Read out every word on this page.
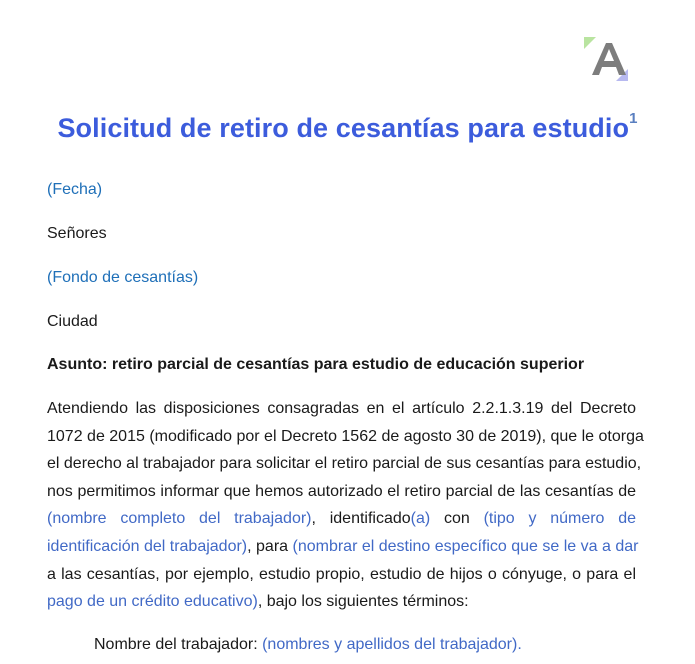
Solicitud de retiro de cesantías para estudio$^1$
(Fecha)
Señores
(Fondo de cesantías)
Ciudad
Asunto: retiro parcial de cesantías para estudio de educación superior
Atendiendo las disposiciones consagradas en el artículo 2.2.1.3.19 del Decreto
1072 de 2015 (modificado por el Decreto 1562 de agosto 30 de 2019), que le otorga
el derecho al trabajador para solicitar el retiro parcial de sus cesantías para estudio,
nos permitimos informar que hemos autorizado el retiro parcial de las cesantías de
(nombre completo del trabajador), identificado(a) con (tipo y número de
identificación del trabajador), para (nombrar el destino específico que se le va a dar
a las cesantías, por ejemplo, estudio propio, estudio de hijos o cónyuge, o para el
pago de un crédito educativo), bajo los siguientes términos:
Nombre del trabajador: (nombres y apellidos del trabajador).
